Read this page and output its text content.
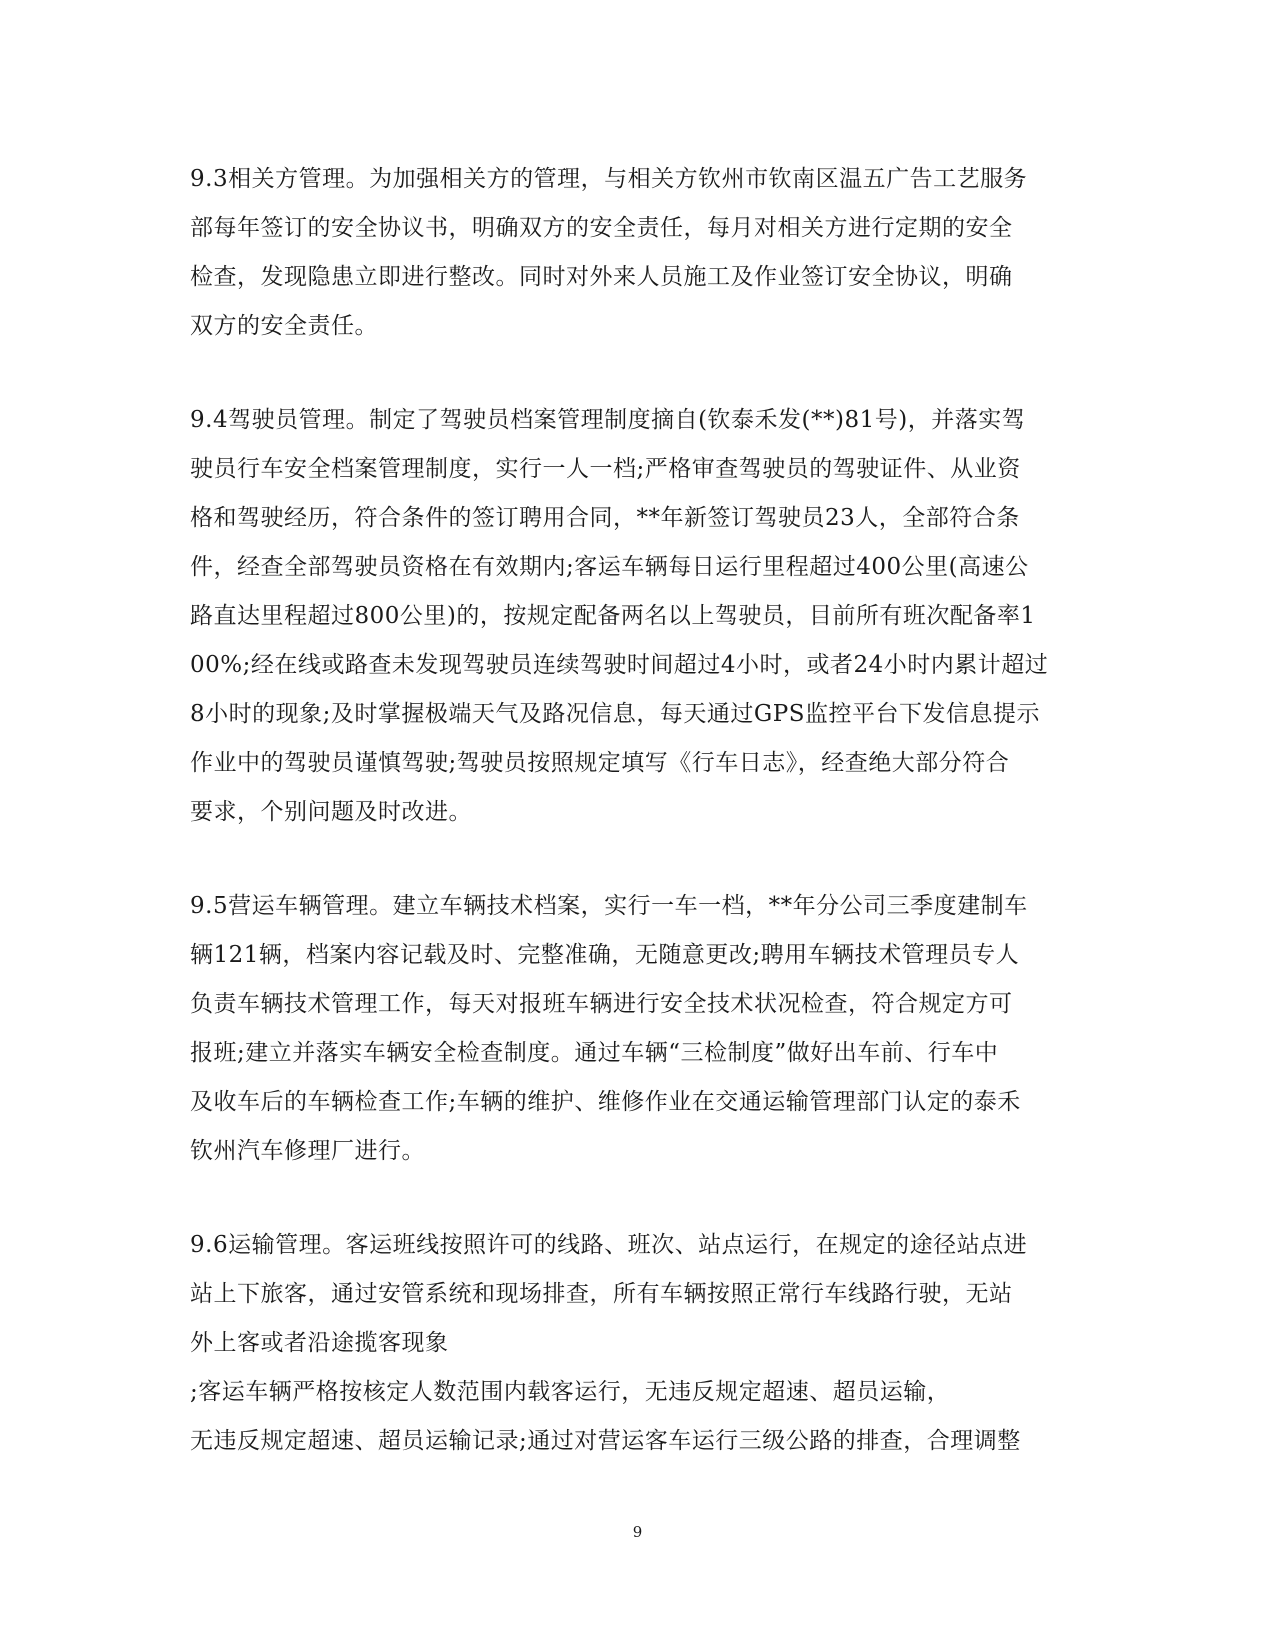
9.3相关方管理。为加强相关方的管理，与相关方钦州市钦南区温五广告工艺服务
部每年签订的安全协议书，明确双方的安全责任，每月对相关方进行定期的安全
检查，发现隐患立即进行整改。同时对外来人员施工及作业签订安全协议，明确
双方的安全责任。
9.4驾驶员管理。制定了驾驶员档案管理制度摘自(钦泰禾发(**)81号)，并落实驾
驶员行车安全档案管理制度，实行一人一档;严格审查驾驶员的驾驶证件、从业资
格和驾驶经历，符合条件的签订聘用合同，**年新签订驾驶员23人，全部符合条
件，经查全部驾驶员资格在有效期内;客运车辆每日运行里程超过400公里(高速公
路直达里程超过800公里)的，按规定配备两名以上驾驶员，目前所有班次配备率1
00%;经在线或路查未发现驾驶员连续驾驶时间超过4小时，或者24小时内累计超过
8小时的现象;及时掌握极端天气及路况信息，每天通过GPS监控平台下发信息提示
作业中的驾驶员谨慎驾驶;驾驶员按照规定填写《行车日志》，经查绝大部分符合
要求，个别问题及时改进。
9.5营运车辆管理。建立车辆技术档案，实行一车一档，**年分公司三季度建制车
辆121辆，档案内容记载及时、完整准确，无随意更改;聘用车辆技术管理员专人
负责车辆技术管理工作，每天对报班车辆进行安全技术状况检查，符合规定方可
报班;建立并落实车辆安全检查制度。通过车辆“三检制度”做好出车前、行车中
及收车后的车辆检查工作;车辆的维护、维修作业在交通运输管理部门认定的泰禾
钦州汽车修理厂进行。
9.6运输管理。客运班线按照许可的线路、班次、站点运行，在规定的途径站点进
站上下旅客，通过安管系统和现场排查，所有车辆按照正常行车线路行驶，无站
外上客或者沿途揽客现象
;客运车辆严格按核定人数范围内载客运行，无违反规定超速、超员运输，
无违反规定超速、超员运输记录;通过对营运客车运行三级公路的排查，合理调整
9
